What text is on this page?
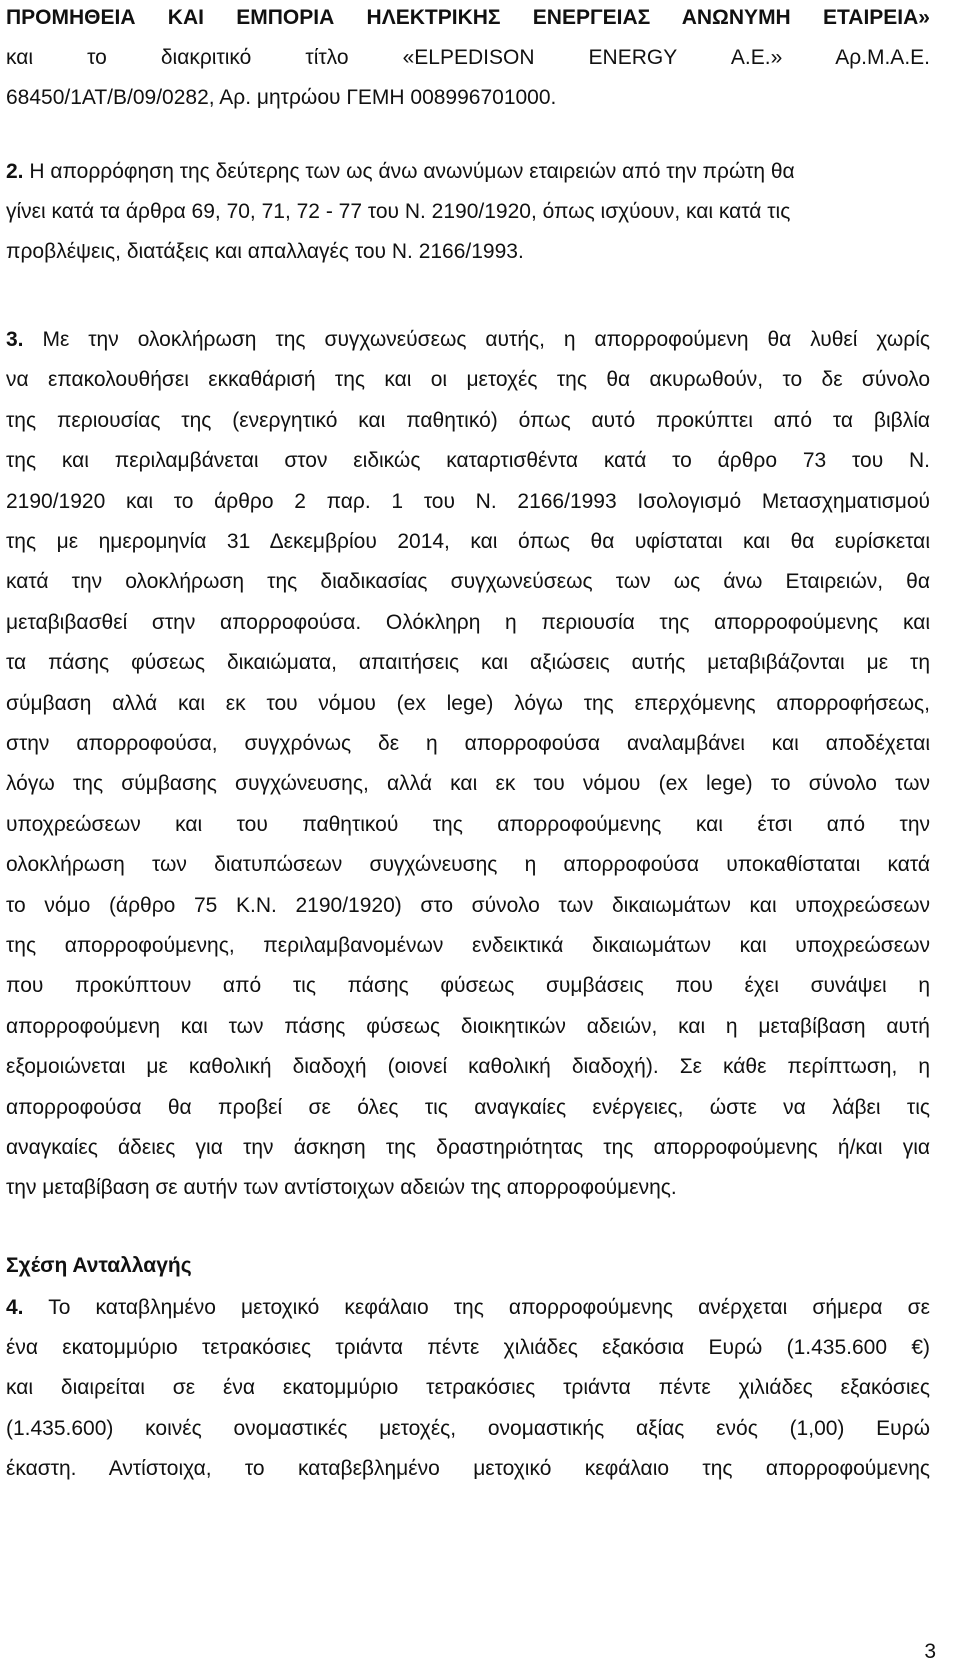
ΠΡΟΜΗΘΕΙΑ ΚΑΙ ΕΜΠΟΡΙΑ ΗΛΕΚΤΡΙΚΗΣ ΕΝΕΡΓΕΙΑΣ ΑΝΩΝΥΜΗ ΕΤΑΙΡΕΙΑ»
και το διακριτικό τίτλο «ELPEDISON ENERGY Α.Ε.» Αρ.Μ.Α.Ε.
68450/1ΑΤ/Β/09/0282, Αρ. μητρώου ΓΕΜΗ 008996701000.
2. Η απορρόφηση της δεύτερης των ως άνω ανωνύμων εταιρειών από την πρώτη θα
γίνει κατά τα άρθρα 69, 70, 71, 72 - 77 του Ν. 2190/1920, όπως ισχύουν, και κατά τις
προβλέψεις, διατάξεις και απαλλαγές του Ν. 2166/1993.
3. Με την ολοκλήρωση της συγχωνεύσεως αυτής, η απορροφούμενη θα λυθεί χωρίς
να επακολουθήσει εκκαθάρισή της και οι μετοχές της θα ακυρωθούν, το δε σύνολο
της περιουσίας της (ενεργητικό και παθητικό) όπως αυτό προκύπτει από τα βιβλία
της και περιλαμβάνεται στον ειδικώς καταρτισθέντα κατά το άρθρο 73 του Ν.
2190/1920 και το άρθρο 2 παρ. 1 του Ν. 2166/1993 Ισολογισμό Μετασχηματισμού
της με ημερομηνία 31 Δεκεμβρίου 2014, και όπως θα υφίσταται και θα ευρίσκεται
κατά την ολοκλήρωση της διαδικασίας συγχωνεύσεως των ως άνω Εταιρειών, θα
μεταβιβασθεί στην απορροφούσα. Ολόκληρη η περιουσία της απορροφούμενης και
τα πάσης φύσεως δικαιώματα, απαιτήσεις και αξιώσεις αυτής μεταβιβάζονται με τη
σύμβαση αλλά και εκ του νόμου (ex lege) λόγω της επερχόμενης απορροφήσεως,
στην απορροφούσα, συγχρόνως δε η απορροφούσα αναλαμβάνει και αποδέχεται
λόγω της σύμβασης συγχώνευσης, αλλά και εκ του νόμου (ex lege) το σύνολο των
υποχρεώσεων και του παθητικού της απορροφούμενης και έτσι από την
ολοκλήρωση των διατυπώσεων συγχώνευσης η απορροφούσα υποκαθίσταται κατά
το νόμο (άρθρο 75 Κ.Ν. 2190/1920) στο σύνολο των δικαιωμάτων και υποχρεώσεων
της απορροφούμενης, περιλαμβανομένων ενδεικτικά δικαιωμάτων και υποχρεώσεων
που προκύπτουν από τις πάσης φύσεως συμβάσεις που έχει συνάψει η
απορροφούμενη και των πάσης φύσεως διοικητικών αδειών, και η μεταβίβαση αυτή
εξομοιώνεται με καθολική διαδοχή (οιονεί καθολική διαδοχή). Σε κάθε περίπτωση, η
απορροφούσα θα προβεί σε όλες τις αναγκαίες ενέργειες, ώστε να λάβει τις
αναγκαίες άδειες για την άσκηση της δραστηριότητας της απορροφούμενης ή/και για
την μεταβίβαση σε αυτήν των αντίστοιχων αδειών της απορροφούμενης.
Σχέση Ανταλλαγής
4. Το καταβλημένο μετοχικό κεφάλαιο της απορροφούμενης ανέρχεται σήμερα σε
ένα εκατομμύριο τετρακόσιες τριάντα πέντε χιλιάδες εξακόσια Ευρώ (1.435.600 €)
και διαιρείται σε ένα εκατομμύριο τετρακόσιες τριάντα πέντε χιλιάδες εξακόσιες
(1.435.600) κοινές ονομαστικές μετοχές, ονομαστικής αξίας ενός (1,00) Ευρώ
έκαστη. Αντίστοιχα, το καταβεβλημένο μετοχικό κεφάλαιο της απορροφούμενης
3
